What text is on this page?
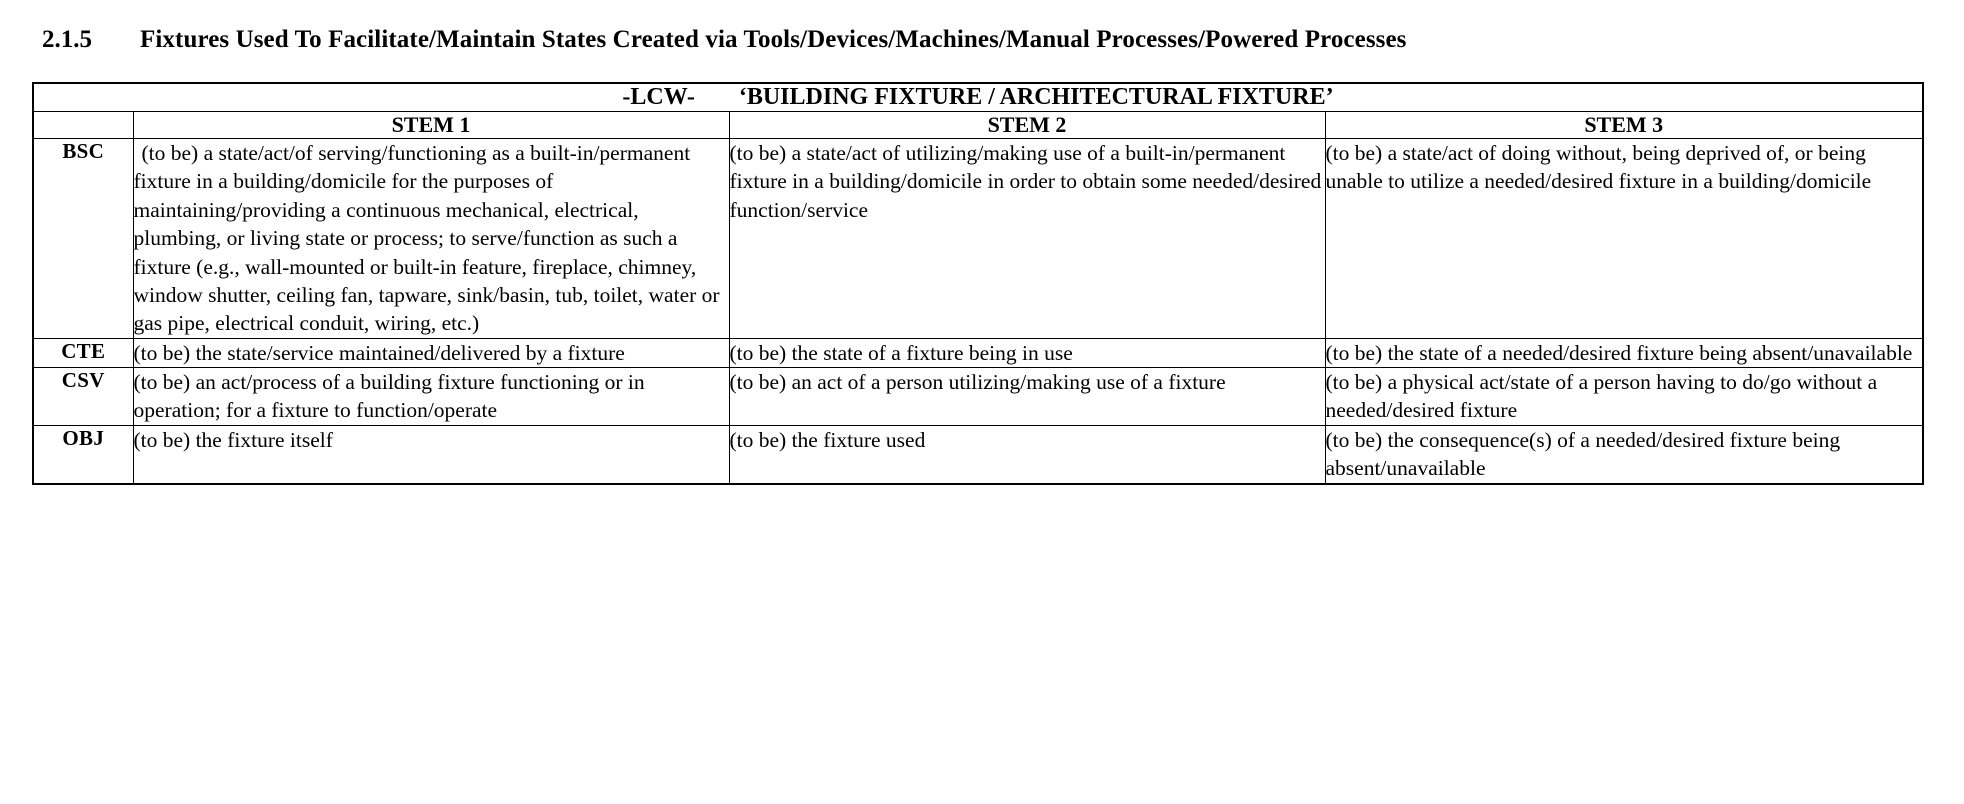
2.1.5	Fixtures Used To Facilitate/Maintain States Created via Tools/Devices/Machines/Manual Processes/Powered Processes
-LCW- ‘BUILDING FIXTURE / ARCHITECTURAL FIXTURE’			
	STEM 1	STEM 2	STEM 3
BSC	(to be) a state/act/of serving/functioning as a built-in/permanent fixture in a building/domicile for the purposes of maintaining/providing a continuous mechanical, electrical, plumbing, or living state or process; to serve/function as such a fixture (e.g., wall-mounted or built-in feature, fireplace, chimney, window shutter, ceiling fan, tapware, sink/basin, tub, toilet, water or gas pipe, electrical conduit, wiring, etc.)	(to be) a state/act of utilizing/making use of a built-in/permanent fixture in a building/domicile in order to obtain some needed/desired function/service	(to be) a state/act of doing without, being deprived of, or being unable to utilize a needed/desired fixture in a building/domicile
CTE	(to be) the state/service maintained/delivered by a fixture	(to be) the state of a fixture being in use	(to be) the state of a needed/desired fixture being absent/unavailable
CSV	(to be) an act/process of a building fixture functioning or in operation; for a fixture to function/operate	(to be) an act of a person utilizing/making use of a fixture	(to be) a physical act/state of a person having to do/go without a needed/desired fixture
OBJ	(to be) the fixture itself	(to be) the fixture used	(to be) the consequence(s) of a needed/desired fixture being absent/unavailable
